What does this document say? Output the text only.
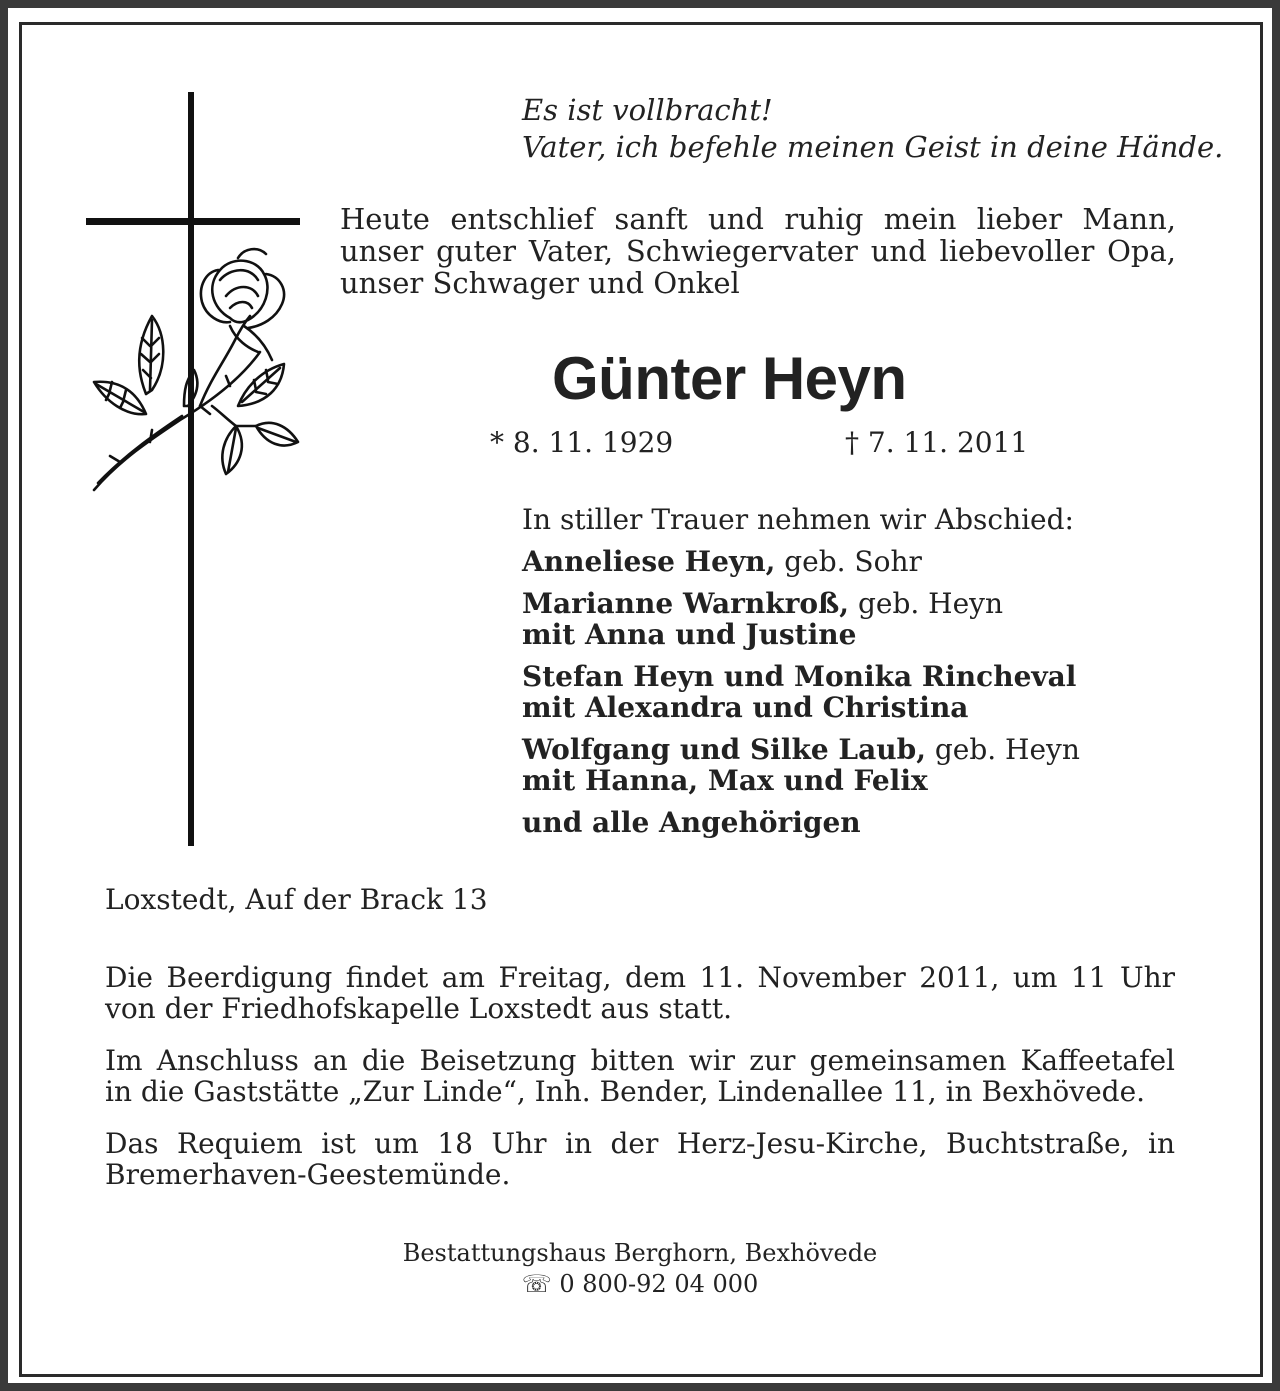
Es ist vollbracht!
Vater, ich befehle meinen Geist in deine Hände.
Heute entschlief sanft und ruhig mein lieber Mann,
unser guter Vater, Schwiegervater und liebevoller Opa,
unser Schwager und Onkel
Günter Heyn
* 8. 11. 1929	† 7. 11. 2011
In stiller Trauer nehmen wir Abschied:
Anneliese Heyn, geb. Sohr
Marianne Warnkroß, geb. Heyn
mit Anna und Justine
Stefan Heyn und Monika Rincheval
mit Alexandra und Christina
Wolfgang und Silke Laub, geb. Heyn
mit Hanna, Max und Felix
und alle Angehörigen
Loxstedt, Auf der Brack 13
Die Beerdigung findet am Freitag, dem 11. November 2011, um 11 Uhr
von der Friedhofskapelle Loxstedt aus statt.
Im Anschluss an die Beisetzung bitten wir zur gemeinsamen Kaffeetafel
in die Gaststätte „Zur Linde“, Inh. Bender, Lindenallee 11, in Bexhövede.
Das Requiem ist um 18 Uhr in der Herz-Jesu-Kirche, Buchtstraße, in
Bremerhaven-Geestemünde.
Bestattungshaus Berghorn, Bexhövede
☏ 0 800-92 04 000
